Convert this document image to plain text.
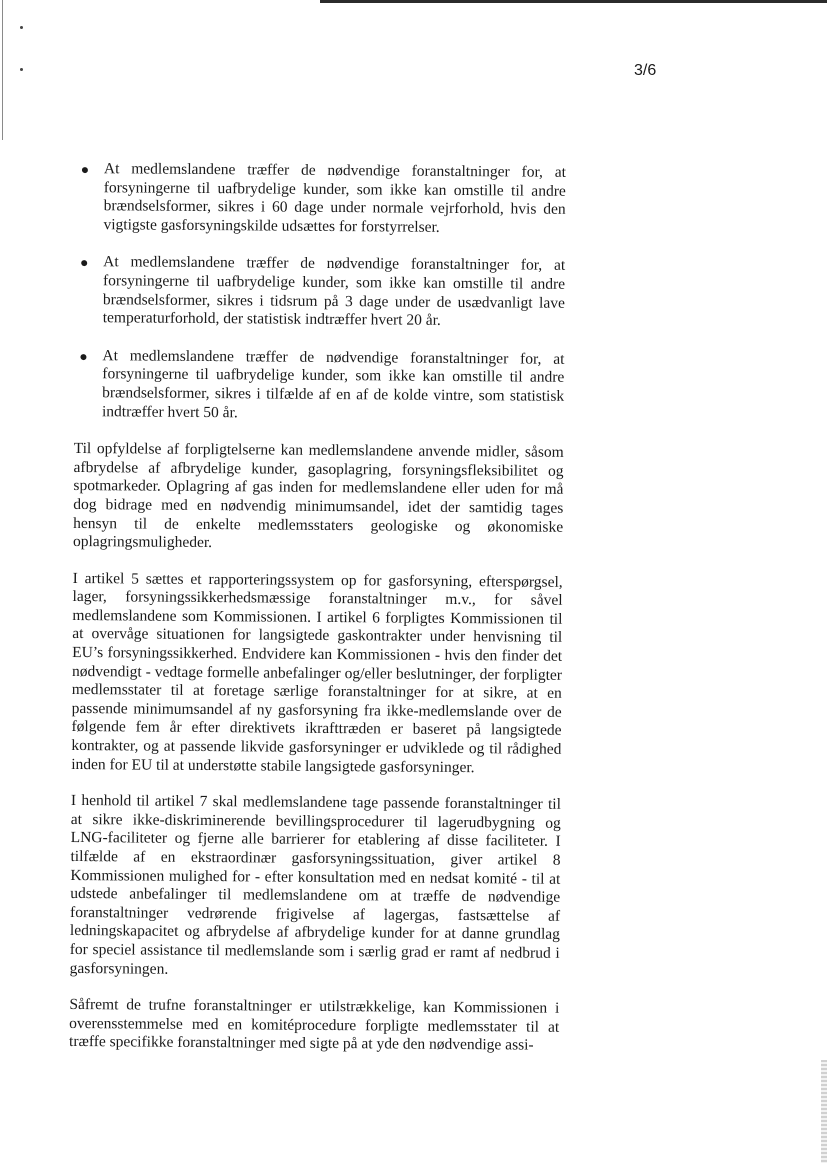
3/6
At medlemslandene træffer de nødvendige foranstaltninger for, at forsyningerne til uafbrydelige kunder, som ikke kan omstille til andre brændselsformer, sikres i 60 dage under normale vejrforhold, hvis den vigtigste gasforsyningskilde udsættes for forstyrrelser.
At medlemslandene træffer de nødvendige foranstaltninger for, at forsyningerne til uafbrydelige kunder, som ikke kan omstille til andre brændselsformer, sikres i tidsrum på 3 dage under de usædvanligt lave temperaturforhold, der statistisk indtræffer hvert 20 år.
At medlemslandene træffer de nødvendige foranstaltninger for, at forsyningerne til uafbrydelige kunder, som ikke kan omstille til andre brændselsformer, sikres i tilfælde af en af de kolde vintre, som statistisk indtræffer hvert 50 år.

Til opfyldelse af forpligtelserne kan medlemslandene anvende midler, såsom afbrydelse af afbrydelige kunder, gasoplagring, forsyningsfleksibilitet og spotmarkeder. Oplagring af gas inden for medlemslandene eller uden for må dog bidrage med en nødvendig minimumsandel, idet der samtidig tages hensyn til de enkelte medlemsstaters geologiske og økonomiske oplagringsmuligheder.

I artikel 5 sættes et rapporteringssystem op for gasforsyning, efterspørgsel, lager, forsyningssikkerhedsmæssige foranstaltninger m.v., for såvel medlemslandene som Kommissionen. I artikel 6 forpligtes Kommissionen til at overvåge situationen for langsigtede gaskontrakter under henvisning til EU’s forsyningssikkerhed. Endvidere kan Kommissionen - hvis den finder det nødvendigt - vedtage formelle anbefalinger og/eller beslutninger, der forpligter medlemsstater til at foretage særlige foranstaltninger for at sikre, at en passende minimumsandel af ny gasforsyning fra ikke-medlemslande over de følgende fem år efter direktivets ikrafttræden er baseret på langsigtede kontrakter, og at passende likvide gasforsyninger er udviklede og til rådighed inden for EU til at understøtte stabile langsigtede gasforsyninger.

I henhold til artikel 7 skal medlemslandene tage passende foranstaltninger til at sikre ikke-diskriminerende bevillingsprocedurer til lagerudbygning og LNG-faciliteter og fjerne alle barrierer for etablering af disse faciliteter. I tilfælde af en ekstraordinær gasforsyningssituation, giver artikel 8 Kommissionen mulighed for - efter konsultation med en nedsat komité - til at udstede anbefalinger til medlemslandene om at træffe de nødvendige foranstaltninger vedrørende frigivelse af lagergas, fastsættelse af ledningskapacitet og afbrydelse af afbrydelige kunder for at danne grundlag for speciel assistance til medlemslande som i særlig grad er ramt af nedbrud i gasforsyningen.

Såfremt de trufne foranstaltninger er utilstrækkelige, kan Kommissionen i overensstemmelse med en komitéprocedure forpligte medlemsstater til at træffe specifikke foranstaltninger med sigte på at yde den nødvendige assi-
